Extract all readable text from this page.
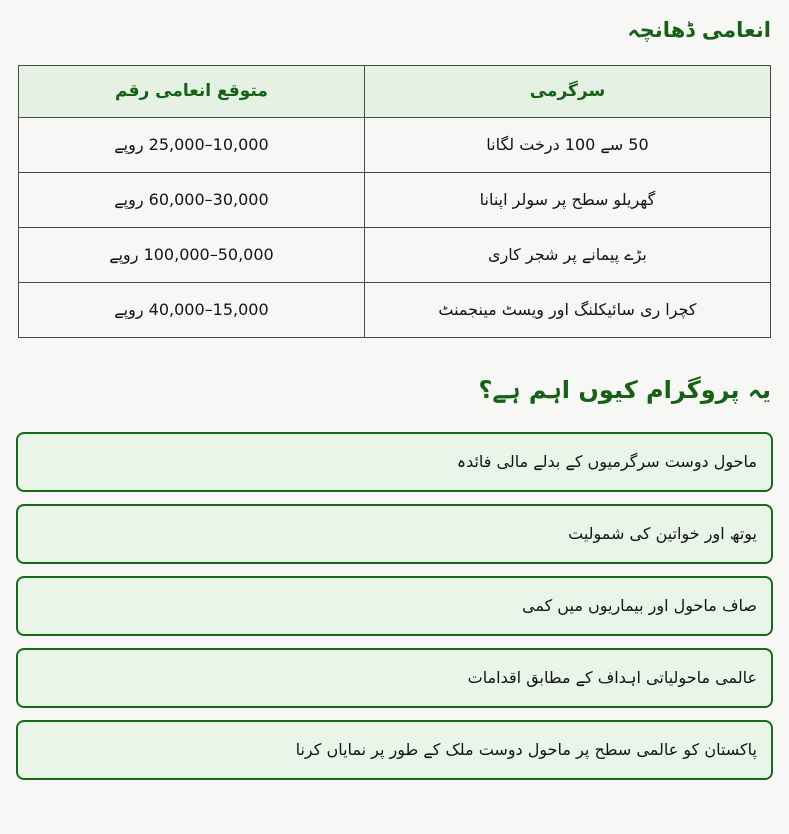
انعامی ڈھانچہ
سرگرمی	متوقع انعامی رقم
50 سے 100 درخت لگانا	10,000–25,000 روپے
گھریلو سطح پر سولر اپنانا	30,000–60,000 روپے
بڑے پیمانے پر شجر کاری	50,000–100,000 روپے
کچرا ری سائیکلنگ اور ویسٹ مینجمنٹ	15,000–40,000 روپے
یہ پروگرام کیوں اہم ہے؟
ماحول دوست سرگرمیوں کے بدلے مالی فائدہ
یوتھ اور خواتین کی شمولیت
صاف ماحول اور بیماریوں میں کمی
عالمی ماحولیاتی اہداف کے مطابق اقدامات
پاکستان کو عالمی سطح پر ماحول دوست ملک کے طور پر نمایاں کرنا
